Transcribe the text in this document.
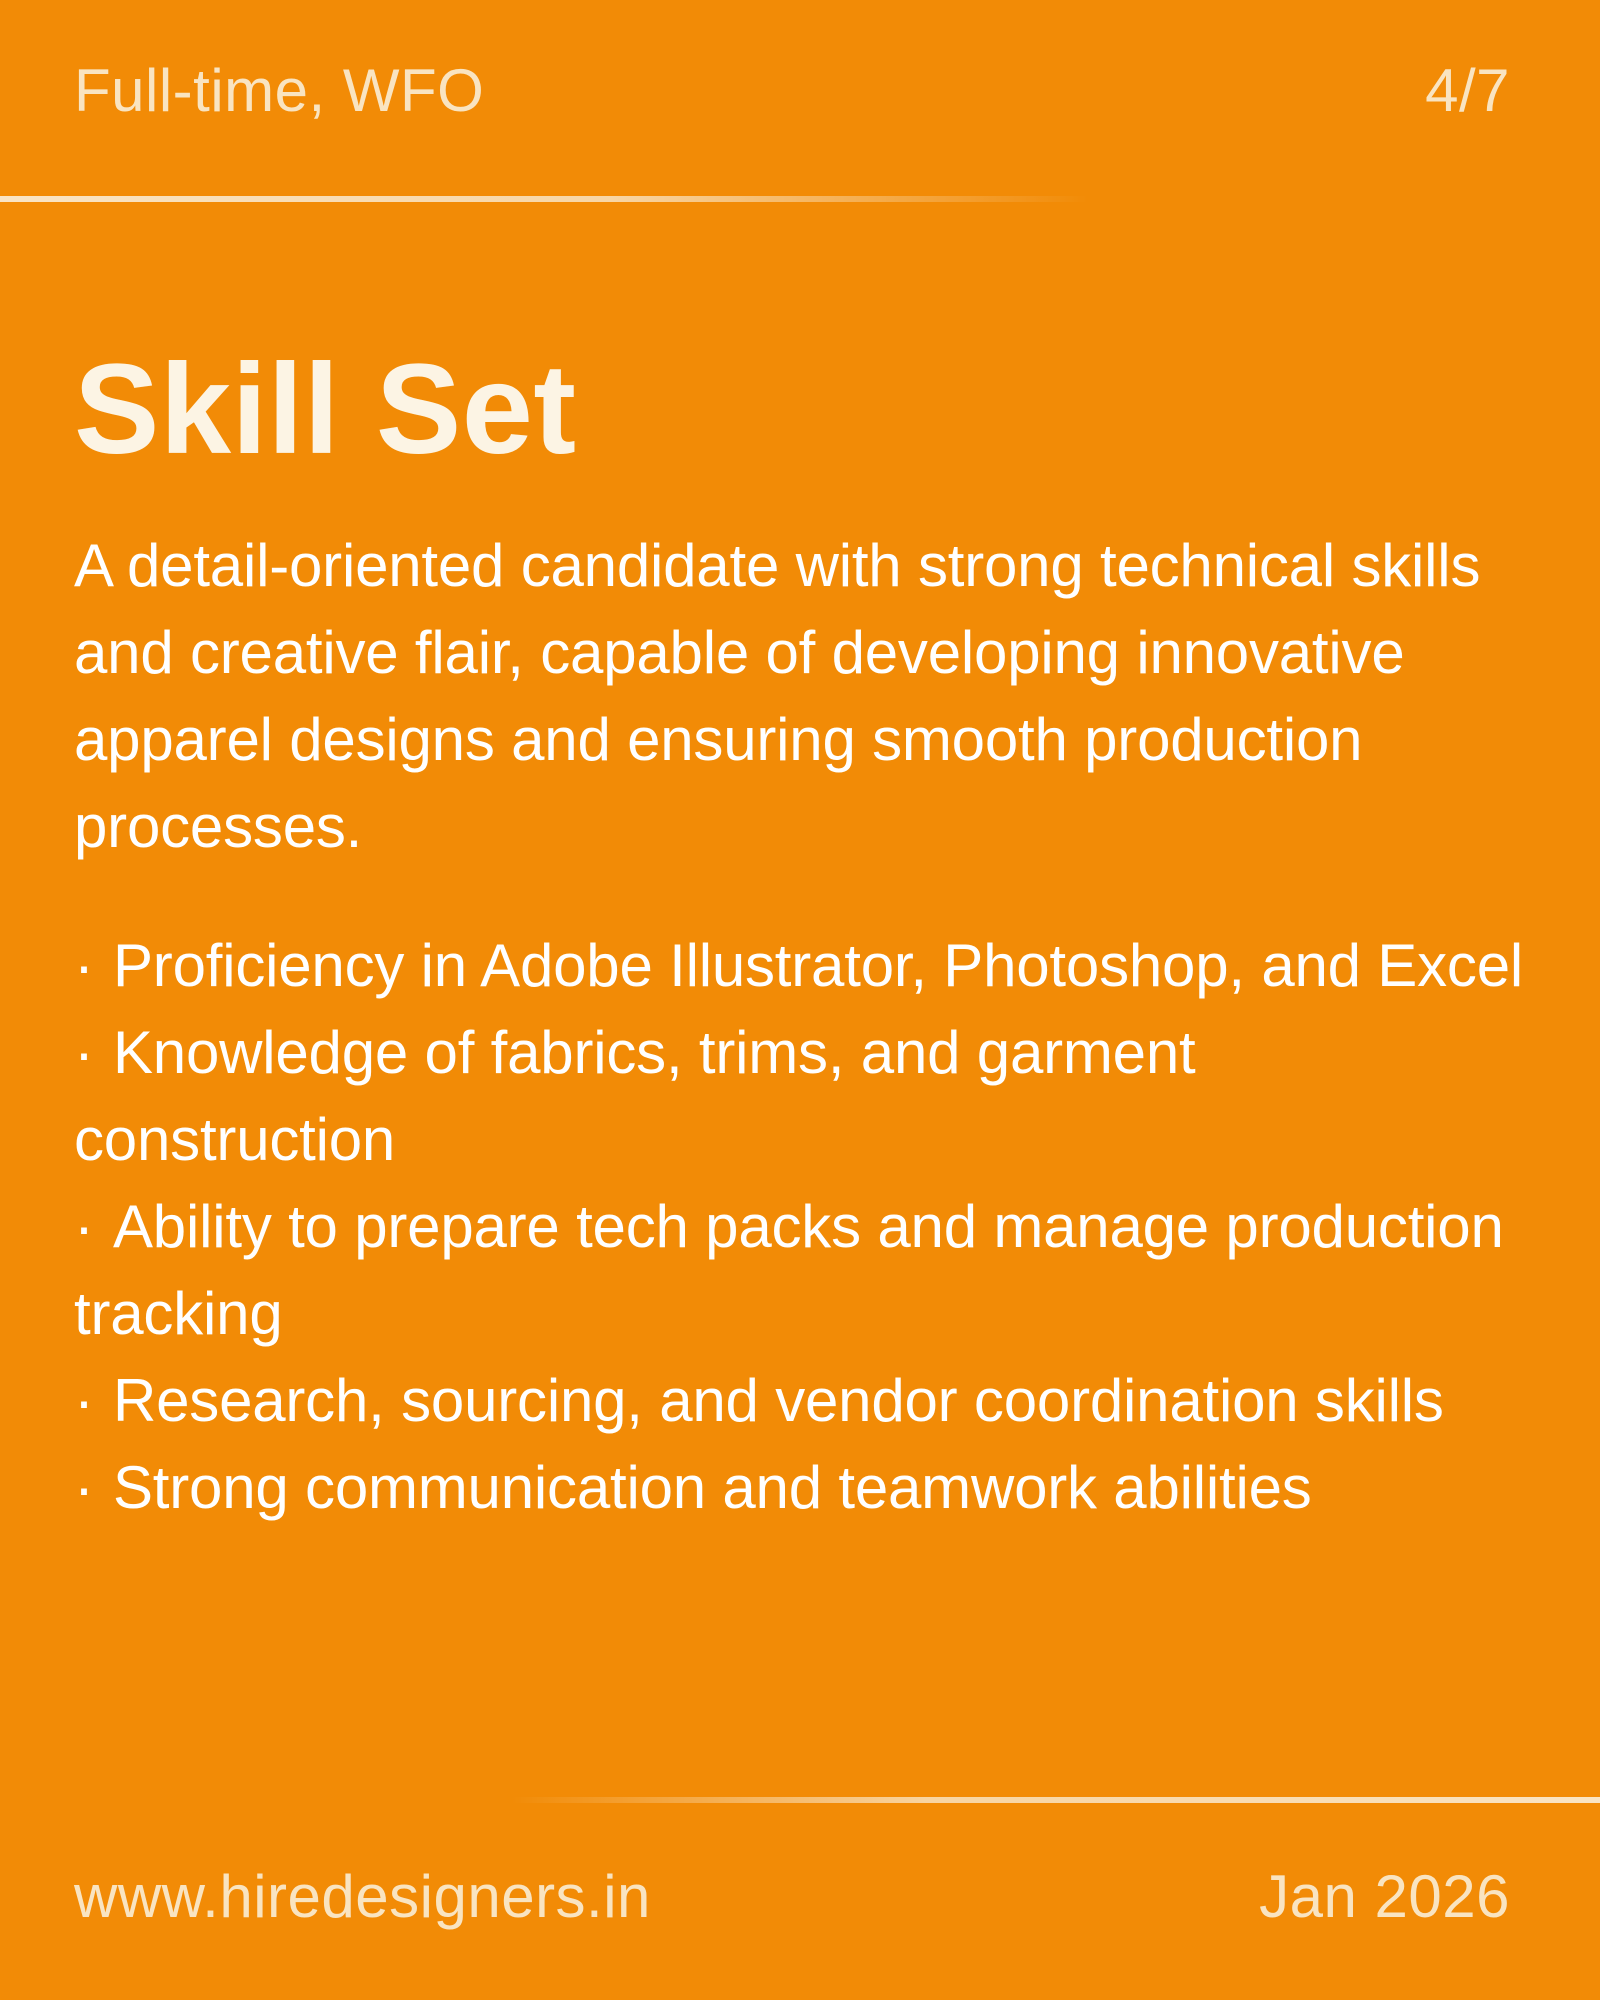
Full-time, WFO	4/7
Skill Set

A detail-oriented candidate with strong technical skills and creative flair, capable of developing innovative apparel designs and ensuring smooth production processes.

· Proficiency in Adobe Illustrator, Photoshop, and Excel
· Knowledge of fabrics, trims, and garment construction
· Ability to prepare tech packs and manage production tracking
· Research, sourcing, and vendor coordination skills
· Strong communication and teamwork abilities
www.hiredesigners.in	Jan 2026
